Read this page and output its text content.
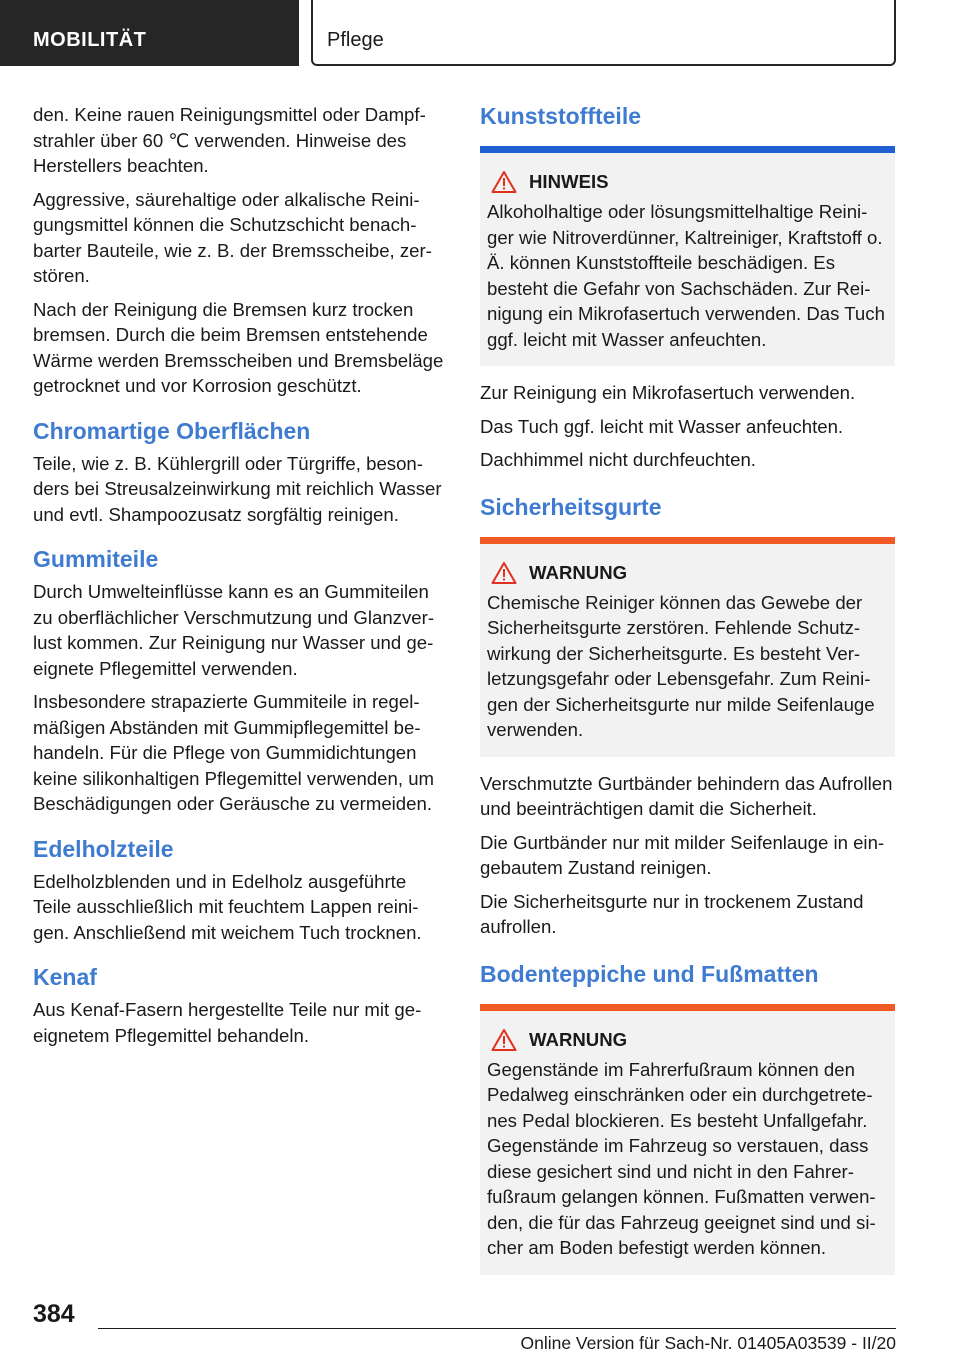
MOBILITÄT	Pflege

den. Keine rauen Reinigungsmittel oder Dampfstrahler über 60 ℃ verwenden. Hinweise des Herstellers beachten.

Aggressive, säurehaltige oder alkalische Reinigungsmittel können die Schutzschicht benachbarter Bauteile, wie z. B. der Bremsscheibe, zerstören.

Nach der Reinigung die Bremsen kurz trocken bremsen. Durch die beim Bremsen entstehende Wärme werden Bremsscheiben und Bremsbeläge getrocknet und vor Korrosion geschützt.

Chromartige Oberflächen

Teile, wie z. B. Kühlergrill oder Türgriffe, besonders bei Streusalzeinwirkung mit reichlich Wasser und evtl. Shampoozusatz sorgfältig reinigen.

Gummiteile

Durch Umwelteinflüsse kann es an Gummiteilen zu oberflächlicher Verschmutzung und Glanzverlust kommen. Zur Reinigung nur Wasser und geeignete Pflegemittel verwenden.

Insbesondere strapazierte Gummiteile in regelmäßigen Abständen mit Gummipflegemittel behandeln. Für die Pflege von Gummidichtungen keine silikonhaltigen Pflegemittel verwenden, um Beschädigungen oder Geräusche zu vermeiden.

Edelholzteile

Edelholzblenden und in Edelholz ausgeführte Teile ausschließlich mit feuchtem Lappen reinigen. Anschließend mit weichem Tuch trocknen.

Kenaf

Aus Kenaf-Fasern hergestellte Teile nur mit geeignetem Pflegemittel behandeln.

Kunststoffteile
HINWEIS

Alkoholhaltige oder lösungsmittelhaltige Reiniger wie Nitroverdünner, Kaltreiniger, Kraftstoff o. Ä. können Kunststoffteile beschädigen. Es besteht die Gefahr von Sachschäden. Zur Reinigung ein Mikrofasertuch verwenden. Das Tuch ggf. leicht mit Wasser anfeuchten.

Zur Reinigung ein Mikrofasertuch verwenden.

Das Tuch ggf. leicht mit Wasser anfeuchten.

Dachhimmel nicht durchfeuchten.

Sicherheitsgurte
WARNUNG

Chemische Reiniger können das Gewebe der Sicherheitsgurte zerstören. Fehlende Schutzwirkung der Sicherheitsgurte. Es besteht Verletzungsgefahr oder Lebensgefahr. Zum Reinigen der Sicherheitsgurte nur milde Seifenlauge verwenden.

Verschmutzte Gurtbänder behindern das Aufrollen und beeinträchtigen damit die Sicherheit.

Die Gurtbänder nur mit milder Seifenlauge in eingebautem Zustand reinigen.

Die Sicherheitsgurte nur in trockenem Zustand aufrollen.

Bodenteppiche und Fußmatten
WARNUNG

Gegenstände im Fahrerfußraum können den Pedalweg einschränken oder ein durchgetretenes Pedal blockieren. Es besteht Unfallgefahr. Gegenstände im Fahrzeug so verstauen, dass diese gesichert sind und nicht in den Fahrerfußraum gelangen können. Fußmatten verwenden, die für das Fahrzeug geeignet sind und sicher am Boden befestigt werden können.

384
Online Version für Sach-Nr. 01405A03539 - II/20
